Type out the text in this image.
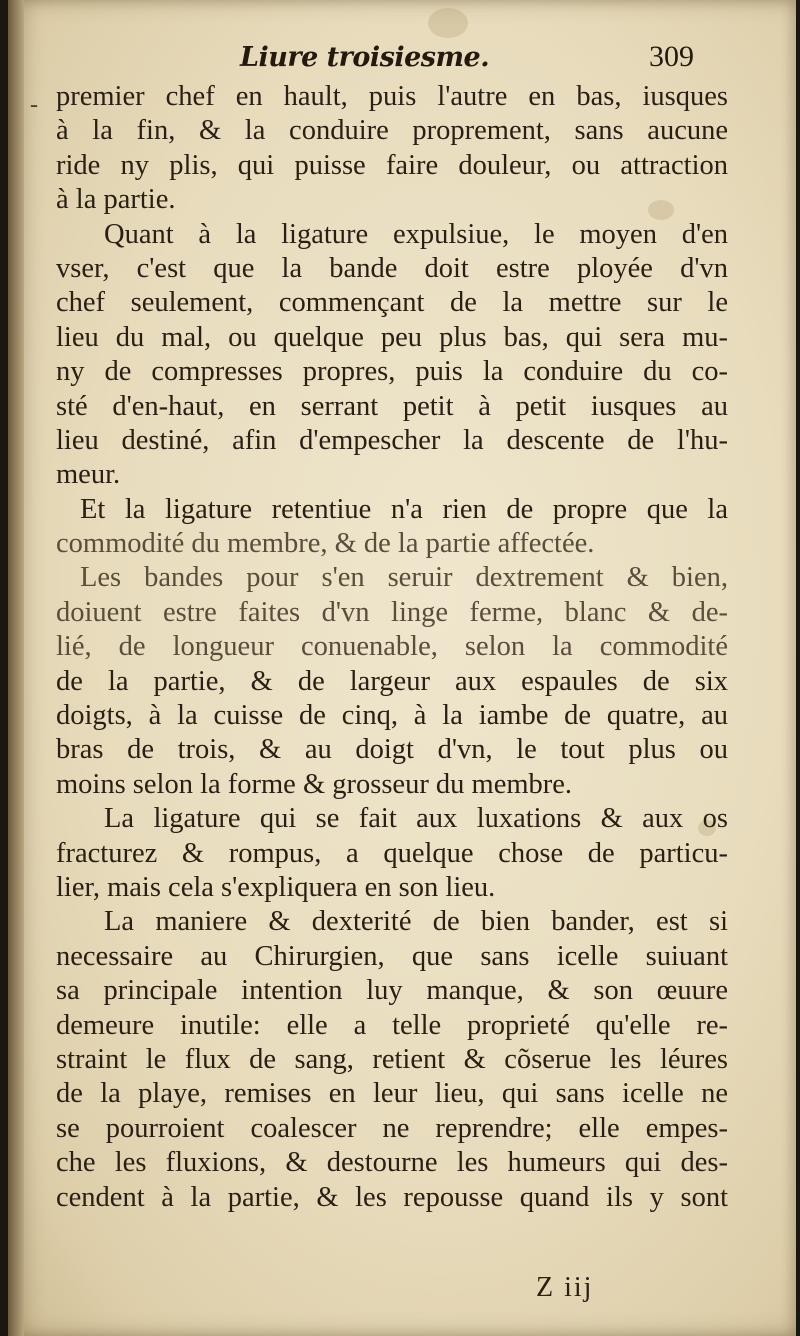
Liure troisiesme.	309
- premier chef en hault, puis l'autre en bas, iusques
à la fin, & la conduire proprement, sans aucune
ride ny plis, qui puisse faire douleur, ou attraction
à la partie.
Quant à la ligature expulsiue, le moyen d'en
vser, c'est que la bande doit estre ployée d'vn
chef seulement, commençant de la mettre sur le
lieu du mal, ou quelque peu plus bas, qui sera mu-
ny de compresses propres, puis la conduire du co-
sté d'en-haut, en serrant petit à petit iusques au
lieu destiné, afin d'empescher la descente de l'hu-
meur.
Et la ligature retentiue n'a rien de propre que la
commodité du membre, & de la partie affectée.
Les bandes pour s'en seruir dextrement & bien,
doiuent estre faites d'vn linge ferme, blanc & de-
lié, de longueur conuenable, selon la commodité
de la partie, & de largeur aux espaules de six
doigts, à la cuisse de cinq, à la iambe de quatre, au
bras de trois, & au doigt d'vn, le tout plus ou
moins selon la forme & grosseur du membre.
La ligature qui se fait aux luxations & aux os
fracturez & rompus, a quelque chose de particu-
lier, mais cela s'expliquera en son lieu.
La maniere & dexterité de bien bander, est si
necessaire au Chirurgien, que sans icelle suiuant
sa principale intention luy manque, & son œuure
demeure inutile: elle a telle proprieté qu'elle re-
straint le flux de sang, retient & cõserue les léures
de la playe, remises en leur lieu, qui sans icelle ne
se pourroient coalescer ne reprendre; elle empes-
che les fluxions, & destourne les humeurs qui des-
cendent à la partie, & les repousse quand ils y sont
Z iij
